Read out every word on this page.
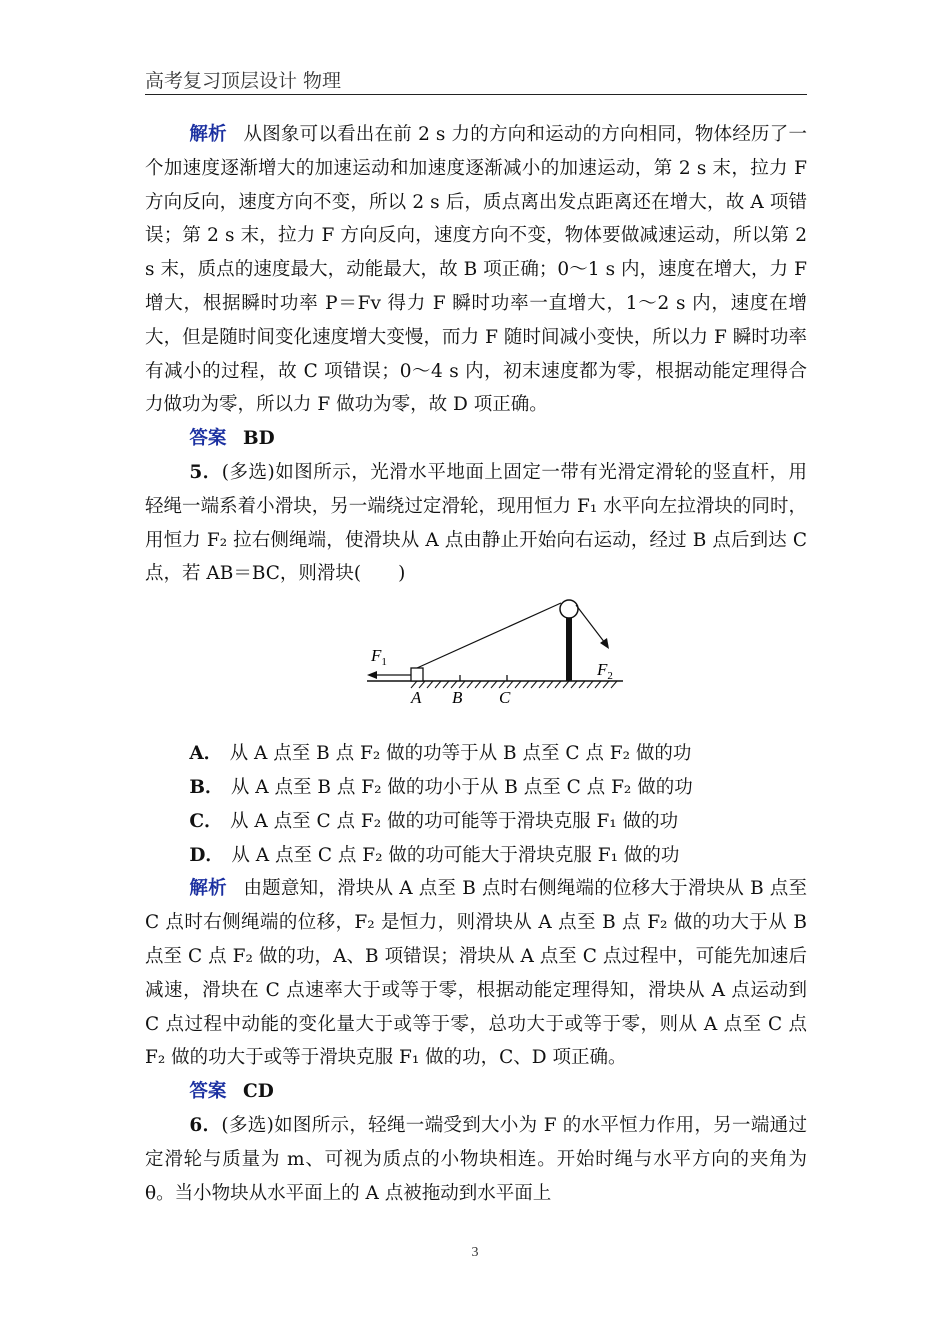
高考复习顶层设计 物理

解析 从图象可以看出在前 2 s 力的方向和运动的方向相同，物体经历了一个加速度逐渐增大的加速运动和加速度逐渐减小的加速运动，第 2 s 末，拉力 F 方向反向，速度方向不变，所以 2 s 后，质点离出发点距离还在增大，故 A 项错误；第 2 s 末，拉力 F 方向反向，速度方向不变，物体要做减速运动，所以第 2 s 末，质点的速度最大，动能最大，故 B 项正确；0～1 s 内，速度在增大，力 F 增大，根据瞬时功率 P＝Fv 得力 F 瞬时功率一直增大，1～2 s 内，速度在增大，但是随时间变化速度增大变慢，而力 F 随时间减小变快，所以力 F 瞬时功率有减小的过程，故 C 项错误；0～4 s 内，初末速度都为零，根据动能定理得合力做功为零，所以力 F 做功为零，故 D 项正确。

答案 BD

5．(多选)如图所示，光滑水平地面上固定一带有光滑定滑轮的竖直杆，用轻绳一端系着小滑块，另一端绕过定滑轮，现用恒力 F₁ 水平向左拉滑块的同时，用恒力 F₂ 拉右侧绳端，使滑块从 A 点由静止开始向右运动，经过 B 点后到达 C 点，若 AB＝BC，则滑块(　　)

$F_1$	$F_2$
A B C
A． 从 A 点至 B 点 F₂ 做的功等于从 B 点至 C 点 F₂ 做的功
B． 从 A 点至 B 点 F₂ 做的功小于从 B 点至 C 点 F₂ 做的功
C． 从 A 点至 C 点 F₂ 做的功可能等于滑块克服 F₁ 做的功
D． 从 A 点至 C 点 F₂ 做的功可能大于滑块克服 F₁ 做的功

解析 由题意知，滑块从 A 点至 B 点时右侧绳端的位移大于滑块从 B 点至 C 点时右侧绳端的位移，F₂ 是恒力，则滑块从 A 点至 B 点 F₂ 做的功大于从 B 点至 C 点 F₂ 做的功，A、B 项错误；滑块从 A 点至 C 点过程中，可能先加速后减速，滑块在 C 点速率大于或等于零，根据动能定理得知，滑块从 A 点运动到 C 点过程中动能的变化量大于或等于零，总功大于或等于零，则从 A 点至 C 点 F₂ 做的功大于或等于滑块克服 F₁ 做的功，C、D 项正确。

答案 CD

6．(多选)如图所示，轻绳一端受到大小为 F 的水平恒力作用，另一端通过定滑轮与质量为 m、可视为质点的小物块相连。开始时绳与水平方向的夹角为 θ。当小物块从水平面上的 A 点被拖动到水平面上

3
